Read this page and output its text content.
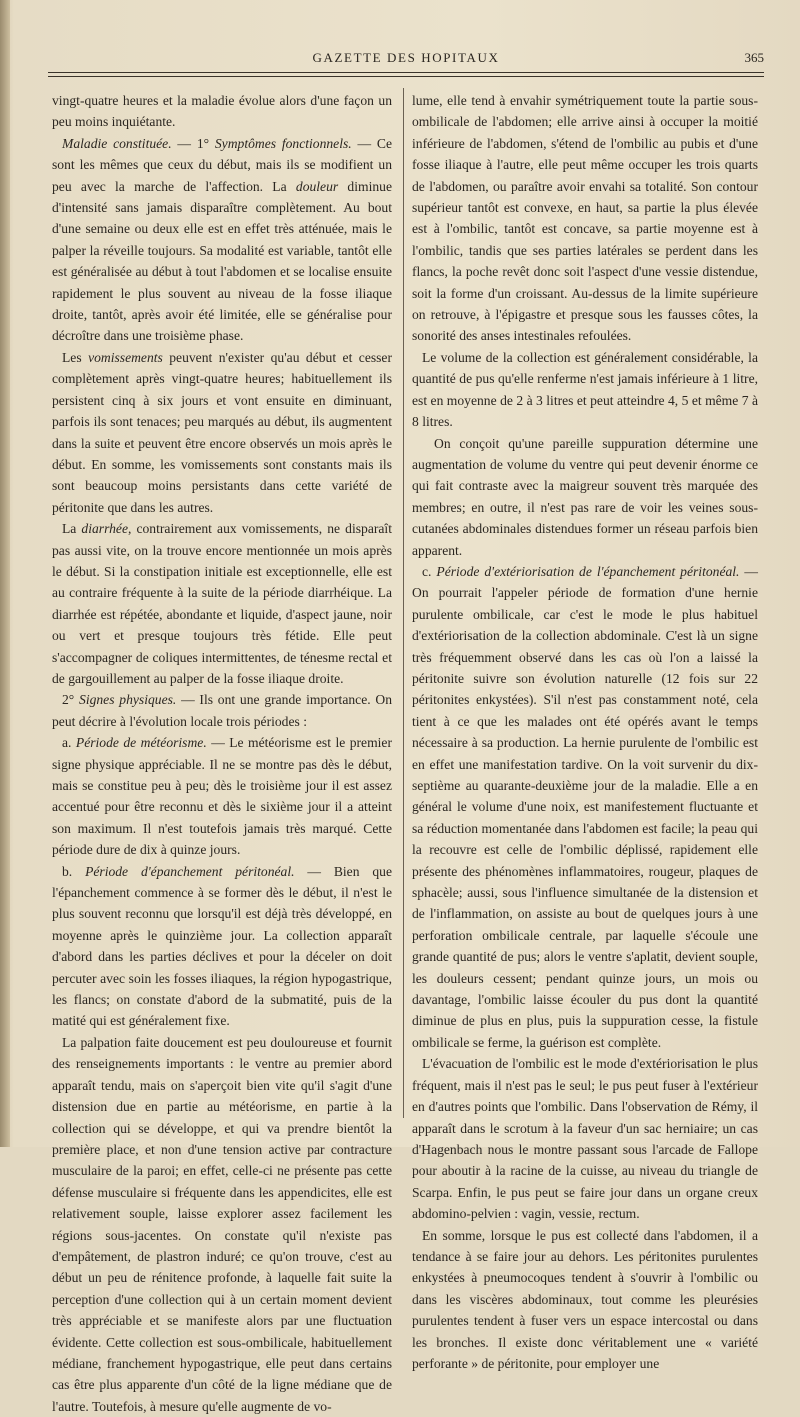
GAZETTE DES HOPITAUX	365

vingt-quatre heures et la maladie évolue alors d'une façon un peu moins inquiétante.

Maladie constituée. — 1° Symptômes fonctionnels. — Ce sont les mêmes que ceux du début, mais ils se modifient un peu avec la marche de l'affection. La douleur diminue d'intensité sans jamais disparaître complètement. Au bout d'une semaine ou deux elle est en effet très atténuée, mais le palper la réveille toujours. Sa modalité est variable, tantôt elle est généralisée au début à tout l'abdomen et se localise ensuite rapidement le plus souvent au niveau de la fosse iliaque droite, tantôt, après avoir été limitée, elle se généralise pour décroître dans une troisième phase.

Les vomissements peuvent n'exister qu'au début et cesser complètement après vingt-quatre heures; habituellement ils persistent cinq à six jours et vont ensuite en diminuant, parfois ils sont tenaces; peu marqués au début, ils augmentent dans la suite et peuvent être encore observés un mois après le début. En somme, les vomissements sont constants mais ils sont beaucoup moins persistants dans cette variété de péritonite que dans les autres.

La diarrhée, contrairement aux vomissements, ne disparaît pas aussi vite, on la trouve encore mentionnée un mois après le début. Si la constipation initiale est exceptionnelle, elle est au contraire fréquente à la suite de la période diarrhéique. La diarrhée est répétée, abondante et liquide, d'aspect jaune, noir ou vert et presque toujours très fétide. Elle peut s'accompagner de coliques intermittentes, de ténesme rectal et de gargouillement au palper de la fosse iliaque droite.

2° Signes physiques. — Ils ont une grande importance. On peut décrire à l'évolution locale trois périodes :

a. Période de météorisme. — Le météorisme est le premier signe physique appréciable. Il ne se montre pas dès le début, mais se constitue peu à peu; dès le troisième jour il est assez accentué pour être reconnu et dès le sixième jour il a atteint son maximum. Il n'est toutefois jamais très marqué. Cette période dure de dix à quinze jours.

b. Période d'épanchement péritonéal. — Bien que l'épanchement commence à se former dès le début, il n'est le plus souvent reconnu que lorsqu'il est déjà très développé, en moyenne après le quinzième jour. La collection apparaît d'abord dans les parties déclives et pour la déceler on doit percuter avec soin les fosses iliaques, la région hypogastrique, les flancs; on constate d'abord de la submatité, puis de la matité qui est généralement fixe.

La palpation faite doucement est peu douloureuse et fournit des renseignements importants : le ventre au premier abord apparaît tendu, mais on s'aperçoit bien vite qu'il s'agit d'une distension due en partie au météorisme, en partie à la collection qui se développe, et qui va prendre bientôt la première place, et non d'une tension active par contracture musculaire de la paroi; en effet, celle-ci ne présente pas cette défense musculaire si fréquente dans les appendicites, elle est relativement souple, laisse explorer assez facilement les régions sous-jacentes. On constate qu'il n'existe pas d'empâtement, de plastron induré; ce qu'on trouve, c'est au début un peu de rénitence profonde, à laquelle fait suite la perception d'une collection qui à un certain moment devient très appréciable et se manifeste alors par une fluctuation évidente. Cette collection est sous-ombilicale, habituellement médiane, franchement hypogastrique, elle peut dans certains cas être plus apparente d'un côté de la ligne médiane que de l'autre. Toutefois, à mesure qu'elle augmente de vo-

lume, elle tend à envahir symétriquement toute la partie sous-ombilicale de l'abdomen; elle arrive ainsi à occuper la moitié inférieure de l'abdomen, s'étend de l'ombilic au pubis et d'une fosse iliaque à l'autre, elle peut même occuper les trois quarts de l'abdomen, ou paraître avoir envahi sa totalité. Son contour supérieur tantôt est convexe, en haut, sa partie la plus élevée est à l'ombilic, tantôt est concave, sa partie moyenne est à l'ombilic, tandis que ses parties latérales se perdent dans les flancs, la poche revêt donc soit l'aspect d'une vessie distendue, soit la forme d'un croissant. Au-dessus de la limite supérieure on retrouve, à l'épigastre et presque sous les fausses côtes, la sonorité des anses intestinales refoulées.

Le volume de la collection est généralement considérable, la quantité de pus qu'elle renferme n'est jamais inférieure à 1 litre, est en moyenne de 2 à 3 litres et peut atteindre 4, 5 et même 7 à 8 litres.

On conçoit qu'une pareille suppuration détermine une augmentation de volume du ventre qui peut devenir énorme ce qui fait contraste avec la maigreur souvent très marquée des membres; en outre, il n'est pas rare de voir les veines sous-cutanées abdominales distendues former un réseau parfois bien apparent.

c. Période d'extériorisation de l'épanchement péritonéal. — On pourrait l'appeler période de formation d'une hernie purulente ombilicale, car c'est le mode le plus habituel d'extériorisation de la collection abdominale. C'est là un signe très fréquemment observé dans les cas où l'on a laissé la péritonite suivre son évolution naturelle (12 fois sur 22 péritonites enkystées). S'il n'est pas constamment noté, cela tient à ce que les malades ont été opérés avant le temps nécessaire à sa production. La hernie purulente de l'ombilic est en effet une manifestation tardive. On la voit survenir du dix-septième au quarante-deuxième jour de la maladie. Elle a en général le volume d'une noix, est manifestement fluctuante et sa réduction momentanée dans l'abdomen est facile; la peau qui la recouvre est celle de l'ombilic déplissé, rapidement elle présente des phénomènes inflammatoires, rougeur, plaques de sphacèle; aussi, sous l'influence simultanée de la distension et de l'inflammation, on assiste au bout de quelques jours à une perforation ombilicale centrale, par laquelle s'écoule une grande quantité de pus; alors le ventre s'aplatit, devient souple, les douleurs cessent; pendant quinze jours, un mois ou davantage, l'ombilic laisse écouler du pus dont la quantité diminue de plus en plus, puis la suppuration cesse, la fistule ombilicale se ferme, la guérison est complète.

L'évacuation de l'ombilic est le mode d'extériorisation le plus fréquent, mais il n'est pas le seul; le pus peut fuser à l'extérieur en d'autres points que l'ombilic. Dans l'observation de Rémy, il apparaît dans le scrotum à la faveur d'un sac herniaire; un cas d'Hagenbach nous le montre passant sous l'arcade de Fallope pour aboutir à la racine de la cuisse, au niveau du triangle de Scarpa. Enfin, le pus peut se faire jour dans un organe creux abdomino-pelvien : vagin, vessie, rectum.

En somme, lorsque le pus est collecté dans l'abdomen, il a tendance à se faire jour au dehors. Les péritonites purulentes enkystées à pneumocoques tendent à s'ouvrir à l'ombilic ou dans les viscères abdominaux, tout comme les pleurésies purulentes tendent à fuser vers un espace intercostal ou dans les bronches. Il existe donc véritablement une « variété perforante » de péritonite, pour employer une
